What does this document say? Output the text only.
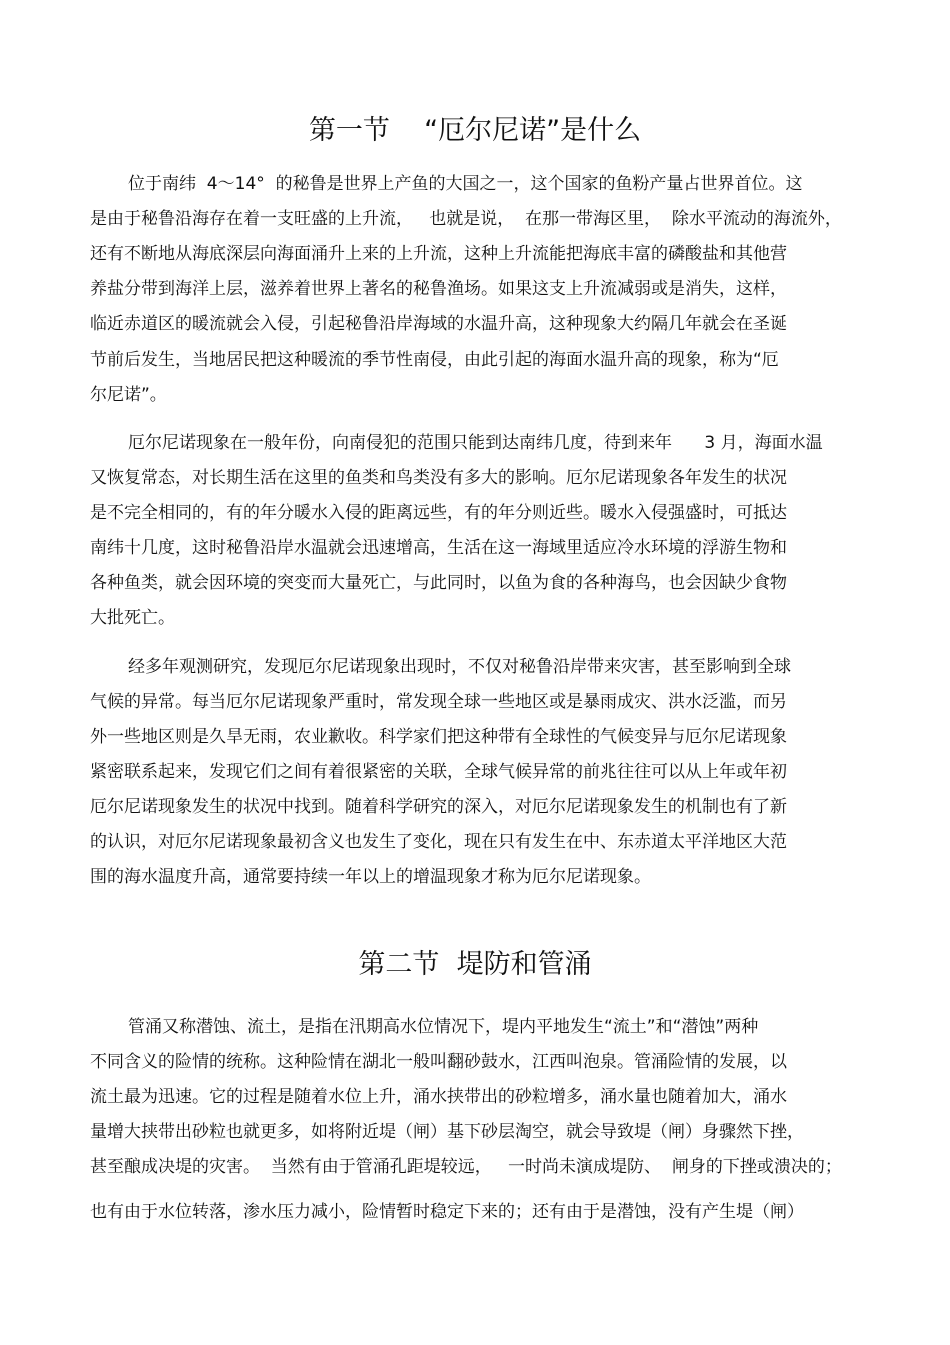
第一节    “厄尔尼诺”是什么

位于南纬  4～14°  的秘鲁是世界上产鱼的大国之一，这个国家的鱼粉产量占世界首位。这

是由于秘鲁沿海存在着一支旺盛的上升流，   也就是说，  在那一带海区里，  除水平流动的海流外，

还有不断地从海底深层向海面涌升上来的上升流，这种上升流能把海底丰富的磷酸盐和其他营

养盐分带到海洋上层，滋养着世界上著名的秘鲁渔场。如果这支上升流减弱或是消失，这样，

临近赤道区的暖流就会入侵，引起秘鲁沿岸海域的水温升高，这种现象大约隔几年就会在圣诞

节前后发生，当地居民把这种暖流的季节性南侵，由此引起的海面水温升高的现象，称为“厄

尔尼诺”。

厄尔尼诺现象在一般年份，向南侵犯的范围只能到达南纬几度，待到来年      3 月，海面水温

又恢复常态，对长期生活在这里的鱼类和鸟类没有多大的影响。厄尔尼诺现象各年发生的状况

是不完全相同的，有的年分暖水入侵的距离远些，有的年分则近些。暖水入侵强盛时，可抵达

南纬十几度，这时秘鲁沿岸水温就会迅速增高，生活在这一海域里适应冷水环境的浮游生物和

各种鱼类，就会因环境的突变而大量死亡，与此同时，以鱼为食的各种海鸟，也会因缺少食物

大批死亡。

经多年观测研究，发现厄尔尼诺现象出现时，不仅对秘鲁沿岸带来灾害，甚至影响到全球

气候的异常。每当厄尔尼诺现象严重时，常发现全球一些地区或是暴雨成灾、洪水泛滥，而另

外一些地区则是久旱无雨，农业歉收。科学家们把这种带有全球性的气候变异与厄尔尼诺现象

紧密联系起来，发现它们之间有着很紧密的关联，全球气候异常的前兆往往可以从上年或年初

厄尔尼诺现象发生的状况中找到。随着科学研究的深入，对厄尔尼诺现象发生的机制也有了新

的认识，对厄尔尼诺现象最初含义也发生了变化，现在只有发生在中、东赤道太平洋地区大范

围的海水温度升高，通常要持续一年以上的增温现象才称为厄尔尼诺现象。

第二节  堤防和管涌

管涌又称潜蚀、流土，是指在汛期高水位情况下，堤内平地发生“流土”和“潜蚀”两种

不同含义的险情的统称。这种险情在湖北一般叫翻砂鼓水，江西叫泡泉。管涌险情的发展，以

流土最为迅速。它的过程是随着水位上升，涌水挟带出的砂粒增多，涌水量也随着加大，涌水

量增大挟带出砂粒也就更多，如将附近堤（闸）基下砂层淘空，就会导致堤（闸）身骤然下挫，

甚至酿成决堤的灾害。  当然有由于管涌孔距堤较远，   一时尚未演成堤防、  闸身的下挫或溃决的；

也有由于水位转落，渗水压力减小，险情暂时稳定下来的；还有由于是潜蚀，没有产生堤（闸）
